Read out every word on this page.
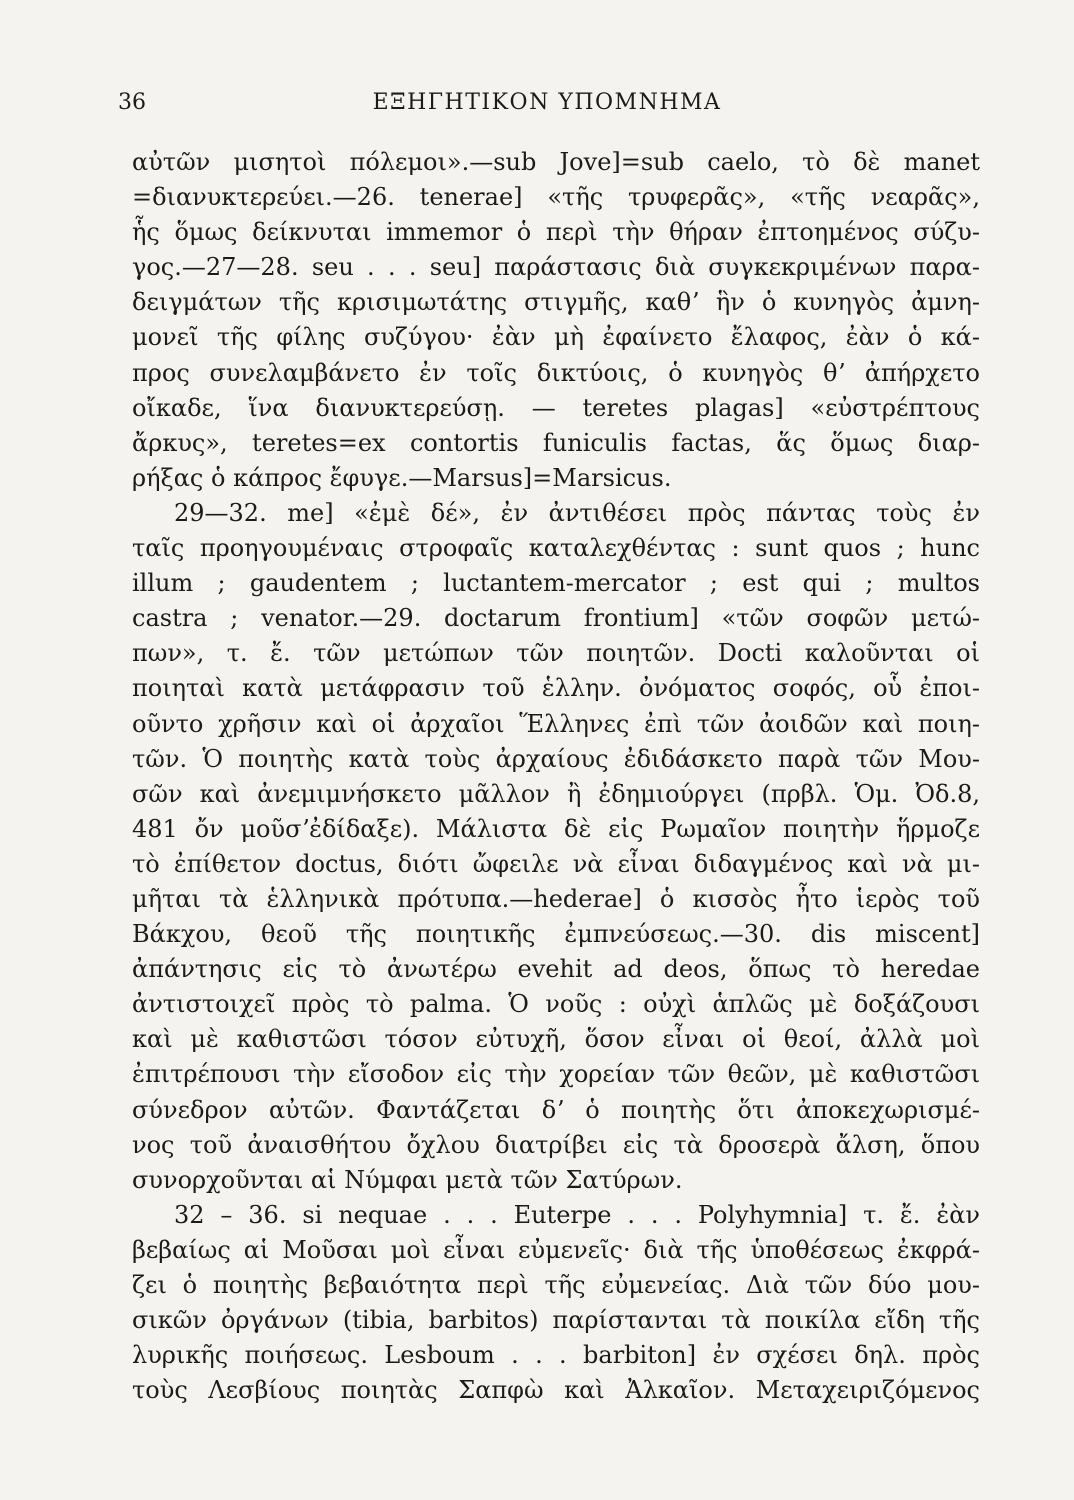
36	ΕΞΗΓΗΤΙΚΟΝ ΥΠΟΜΝΗΜΑ
αὐτῶν μισητοὶ πόλεμοι».—sub Jove]=sub caelo, τὸ δὲ manet
=διανυκτερεύει.—26. tenerae] «τῆς τρυφερᾶς», «τῆς νεαρᾶς»,
ἧς ὅμως δείκνυται immemor ὁ περὶ τὴν θήραν ἐπτοημένος σύζυ-
γος.—27—28. seu . . . seu] παράστασις διὰ συγκεκριμένων παρα-
δειγμάτων τῆς κρισιμωτάτης στιγμῆς, καθʼ ἣν ὁ κυνηγὸς ἀμνη-
μονεῖ τῆς φίλης συζύγου· ἐὰν μὴ ἐφαίνετο ἔλαφος, ἐὰν ὁ κά-
προς συνελαμβάνετο ἐν τοῖς δικτύοις, ὁ κυνηγὸς θʼ ἀπήρχετο
οἴκαδε, ἵνα διανυκτερεύσῃ. — teretes plagas] «εὐστρέπτους
ἄρκυς», teretes=ex contortis funiculis factas, ἅς ὅμως διαρ-
ρήξας ὁ κάπρος ἔφυγε.—Marsus]=Marsicus.
29—32. me] «ἐμὲ δέ», ἐν ἀντιθέσει πρὸς πάντας τοὺς ἐν
ταῖς προηγουμέναις στροφαῖς καταλεχθέντας : sunt quos ; hunc
illum ; gaudentem ; luctantem-mercator ; est qui ; multos
castra ; venator.—29. doctarum frontium] «τῶν σοφῶν μετώ-
πων», τ. ἔ. τῶν μετώπων τῶν ποιητῶν. Docti καλοῦνται οἱ
ποιηταὶ κατὰ μετάφρασιν τοῦ ἑλλην. ὀνόματος σοφός, οὗ ἐποι-
οῦντο χρῆσιν καὶ οἱ ἀρχαῖοι Ἕλληνες ἐπὶ τῶν ἀοιδῶν καὶ ποιη-
τῶν. Ὁ ποιητὴς κατὰ τοὺς ἀρχαίους ἐδιδάσκετο παρὰ τῶν Μου-
σῶν καὶ ἀνεμιμνήσκετο μᾶλλον ἢ ἐδημιούργει (πρβλ. Ὁμ. Ὀδ.8,
481 ὄν μοῦσʼἐδίδαξε). Μάλιστα δὲ εἰς Ρωμαῖον ποιητὴν ἥρμοζε
τὸ ἐπίθετον doctus, διότι ὤφειλε νὰ εἶναι διδαγμένος καὶ νὰ μι-
μῆται τὰ ἑλληνικὰ πρότυπα.—hederae] ὁ κισσὸς ἦτο ἱερὸς τοῦ
Βάκχου, θεοῦ τῆς ποιητικῆς ἐμπνεύσεως.—30. dis miscent]
ἀπάντησις εἰς τὸ ἀνωτέρω evehit ad deos, ὅπως τὸ heredae
ἀντιστοιχεῖ πρὸς τὸ palma. Ὁ νοῦς : οὐχὶ ἁπλῶς μὲ δοξάζουσι
καὶ μὲ καθιστῶσι τόσον εὐτυχῆ, ὅσον εἶναι οἱ θεοί, ἀλλὰ μοὶ
ἐπιτρέπουσι τὴν εἴσοδον εἰς τὴν χορείαν τῶν θεῶν, μὲ καθιστῶσι
σύνεδρον αὐτῶν. Φαντάζεται δʼ ὁ ποιητὴς ὅτι ἀποκεχωρισμέ-
νος τοῦ ἀναισθήτου ὄχλου διατρίβει εἰς τὰ δροσερὰ ἄλση, ὅπου
συνορχοῦνται αἱ Νύμφαι μετὰ τῶν Σατύρων.
32 – 36. si nequae . . . Euterpe . . . Polyhymnia] τ. ἔ. ἐὰν
βεβαίως αἱ Μοῦσαι μοὶ εἶναι εὐμενεῖς· διὰ τῆς ὑποθέσεως ἐκφρά-
ζει ὁ ποιητὴς βεβαιότητα περὶ τῆς εὐμενείας. Διὰ τῶν δύο μου-
σικῶν ὀργάνων (tibia, barbitos) παρίστανται τὰ ποικίλα εἴδη τῆς
λυρικῆς ποιήσεως. Lesboum . . . barbiton] ἐν σχέσει δηλ. πρὸς
τοὺς Λεσβίους ποιητὰς Σαπφὼ καὶ Ἀλκαῖον. Μεταχειριζόμενος
